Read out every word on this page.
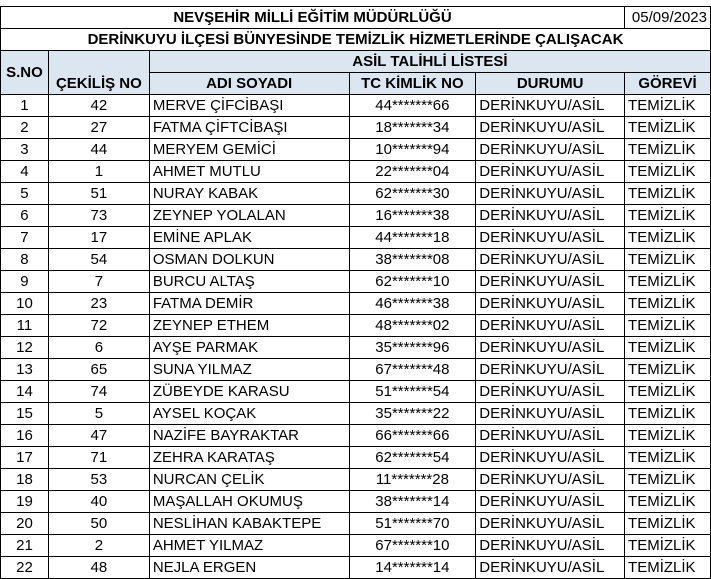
NEVŞEHİR MİLLİ EĞİTİM MÜDÜRLÜĞÜ					05/09/2023
DERİNKUYU İLÇESİ BÜNYESİNDE TEMİZLİK HİZMETLERİNDE ÇALIŞACAK					
S.NO	ÇEKİLİŞ NO	ASİL TALİHLİ LİSTESİ			
		ADI SOYADI	TC KİMLİK NO	DURUMU	GÖREVİ
1	42	MERVE ÇİFCİBAŞI	44*******66	DERİNKUYU/ASİL	TEMİZLİK
2	27	FATMA ÇİFTCİBAŞI	18*******34	DERİNKUYU/ASİL	TEMİZLİK
3	44	MERYEM GEMİCİ	10*******94	DERİNKUYU/ASİL	TEMİZLİK
4	1	AHMET MUTLU	22*******04	DERİNKUYU/ASİL	TEMİZLİK
5	51	NURAY KABAK	62*******30	DERİNKUYU/ASİL	TEMİZLİK
6	73	ZEYNEP YOLALAN	16*******38	DERİNKUYU/ASİL	TEMİZLİK
7	17	EMİNE APLAK	44*******18	DERİNKUYU/ASİL	TEMİZLİK
8	54	OSMAN DOLKUN	38*******08	DERİNKUYU/ASİL	TEMİZLİK
9	7	BURCU ALTAŞ	62*******10	DERİNKUYU/ASİL	TEMİZLİK
10	23	FATMA DEMİR	46*******38	DERİNKUYU/ASİL	TEMİZLİK
11	72	ZEYNEP ETHEM	48*******02	DERİNKUYU/ASİL	TEMİZLİK
12	6	AYŞE PARMAK	35*******96	DERİNKUYU/ASİL	TEMİZLİK
13	65	SUNA YILMAZ	67*******48	DERİNKUYU/ASİL	TEMİZLİK
14	74	ZÜBEYDE KARASU	51*******54	DERİNKUYU/ASİL	TEMİZLİK
15	5	AYSEL KOÇAK	35*******22	DERİNKUYU/ASİL	TEMİZLİK
16	47	NAZİFE BAYRAKTAR	66*******66	DERİNKUYU/ASİL	TEMİZLİK
17	71	ZEHRA KARATAŞ	62*******54	DERİNKUYU/ASİL	TEMİZLİK
18	53	NURCAN ÇELİK	11*******28	DERİNKUYU/ASİL	TEMİZLİK
19	40	MAŞALLAH OKUMUŞ	38*******14	DERİNKUYU/ASİL	TEMİZLİK
20	50	NESLİHAN KABAKTEPE	51*******70	DERİNKUYU/ASİL	TEMİZLİK
21	2	AHMET YILMAZ	67*******10	DERİNKUYU/ASİL	TEMİZLİK
22	48	NEJLA ERGEN	14*******14	DERİNKUYU/ASİL	TEMİZLİK
